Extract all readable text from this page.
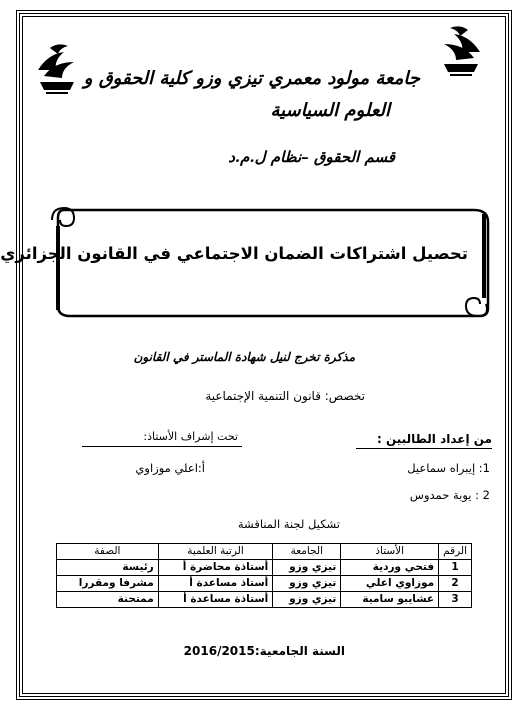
جامعة مولود معمري تيزي وزو كلية الحقوق و
العلوم السياسية
قسم الحقوق –نظام ل.م.د
تحصيل اشتراكات الضمان الاجتماعي في القانون الجزائري
مذكرة تخرج لنيل شهادة الماستر في القانون
تخصص: قانون التنمية الإجتماعية
من إعداد الطالبين :
تحت إشراف الأستاذ:
1: إيبراه سماعيل
2 : يوبة حمدوس
أ:اعلي موزاوي
تشكيل لجنة المناقشة
الرقم	الأستاذ	الجامعة	الرتبة العلمية	الصفة
1	فتحي وردية	تيزي وزو	أستاذة محاضرة أ	رئيسة
2	موزاوي اعلي	تيزي وزو	أستاذ مساعدة أ	مشرفا ومقررا
3	عشايبو سامية	تيزي وزو	أستاذة مساعدة أ	ممتحنة
السنة الجامعية:2016/2015
